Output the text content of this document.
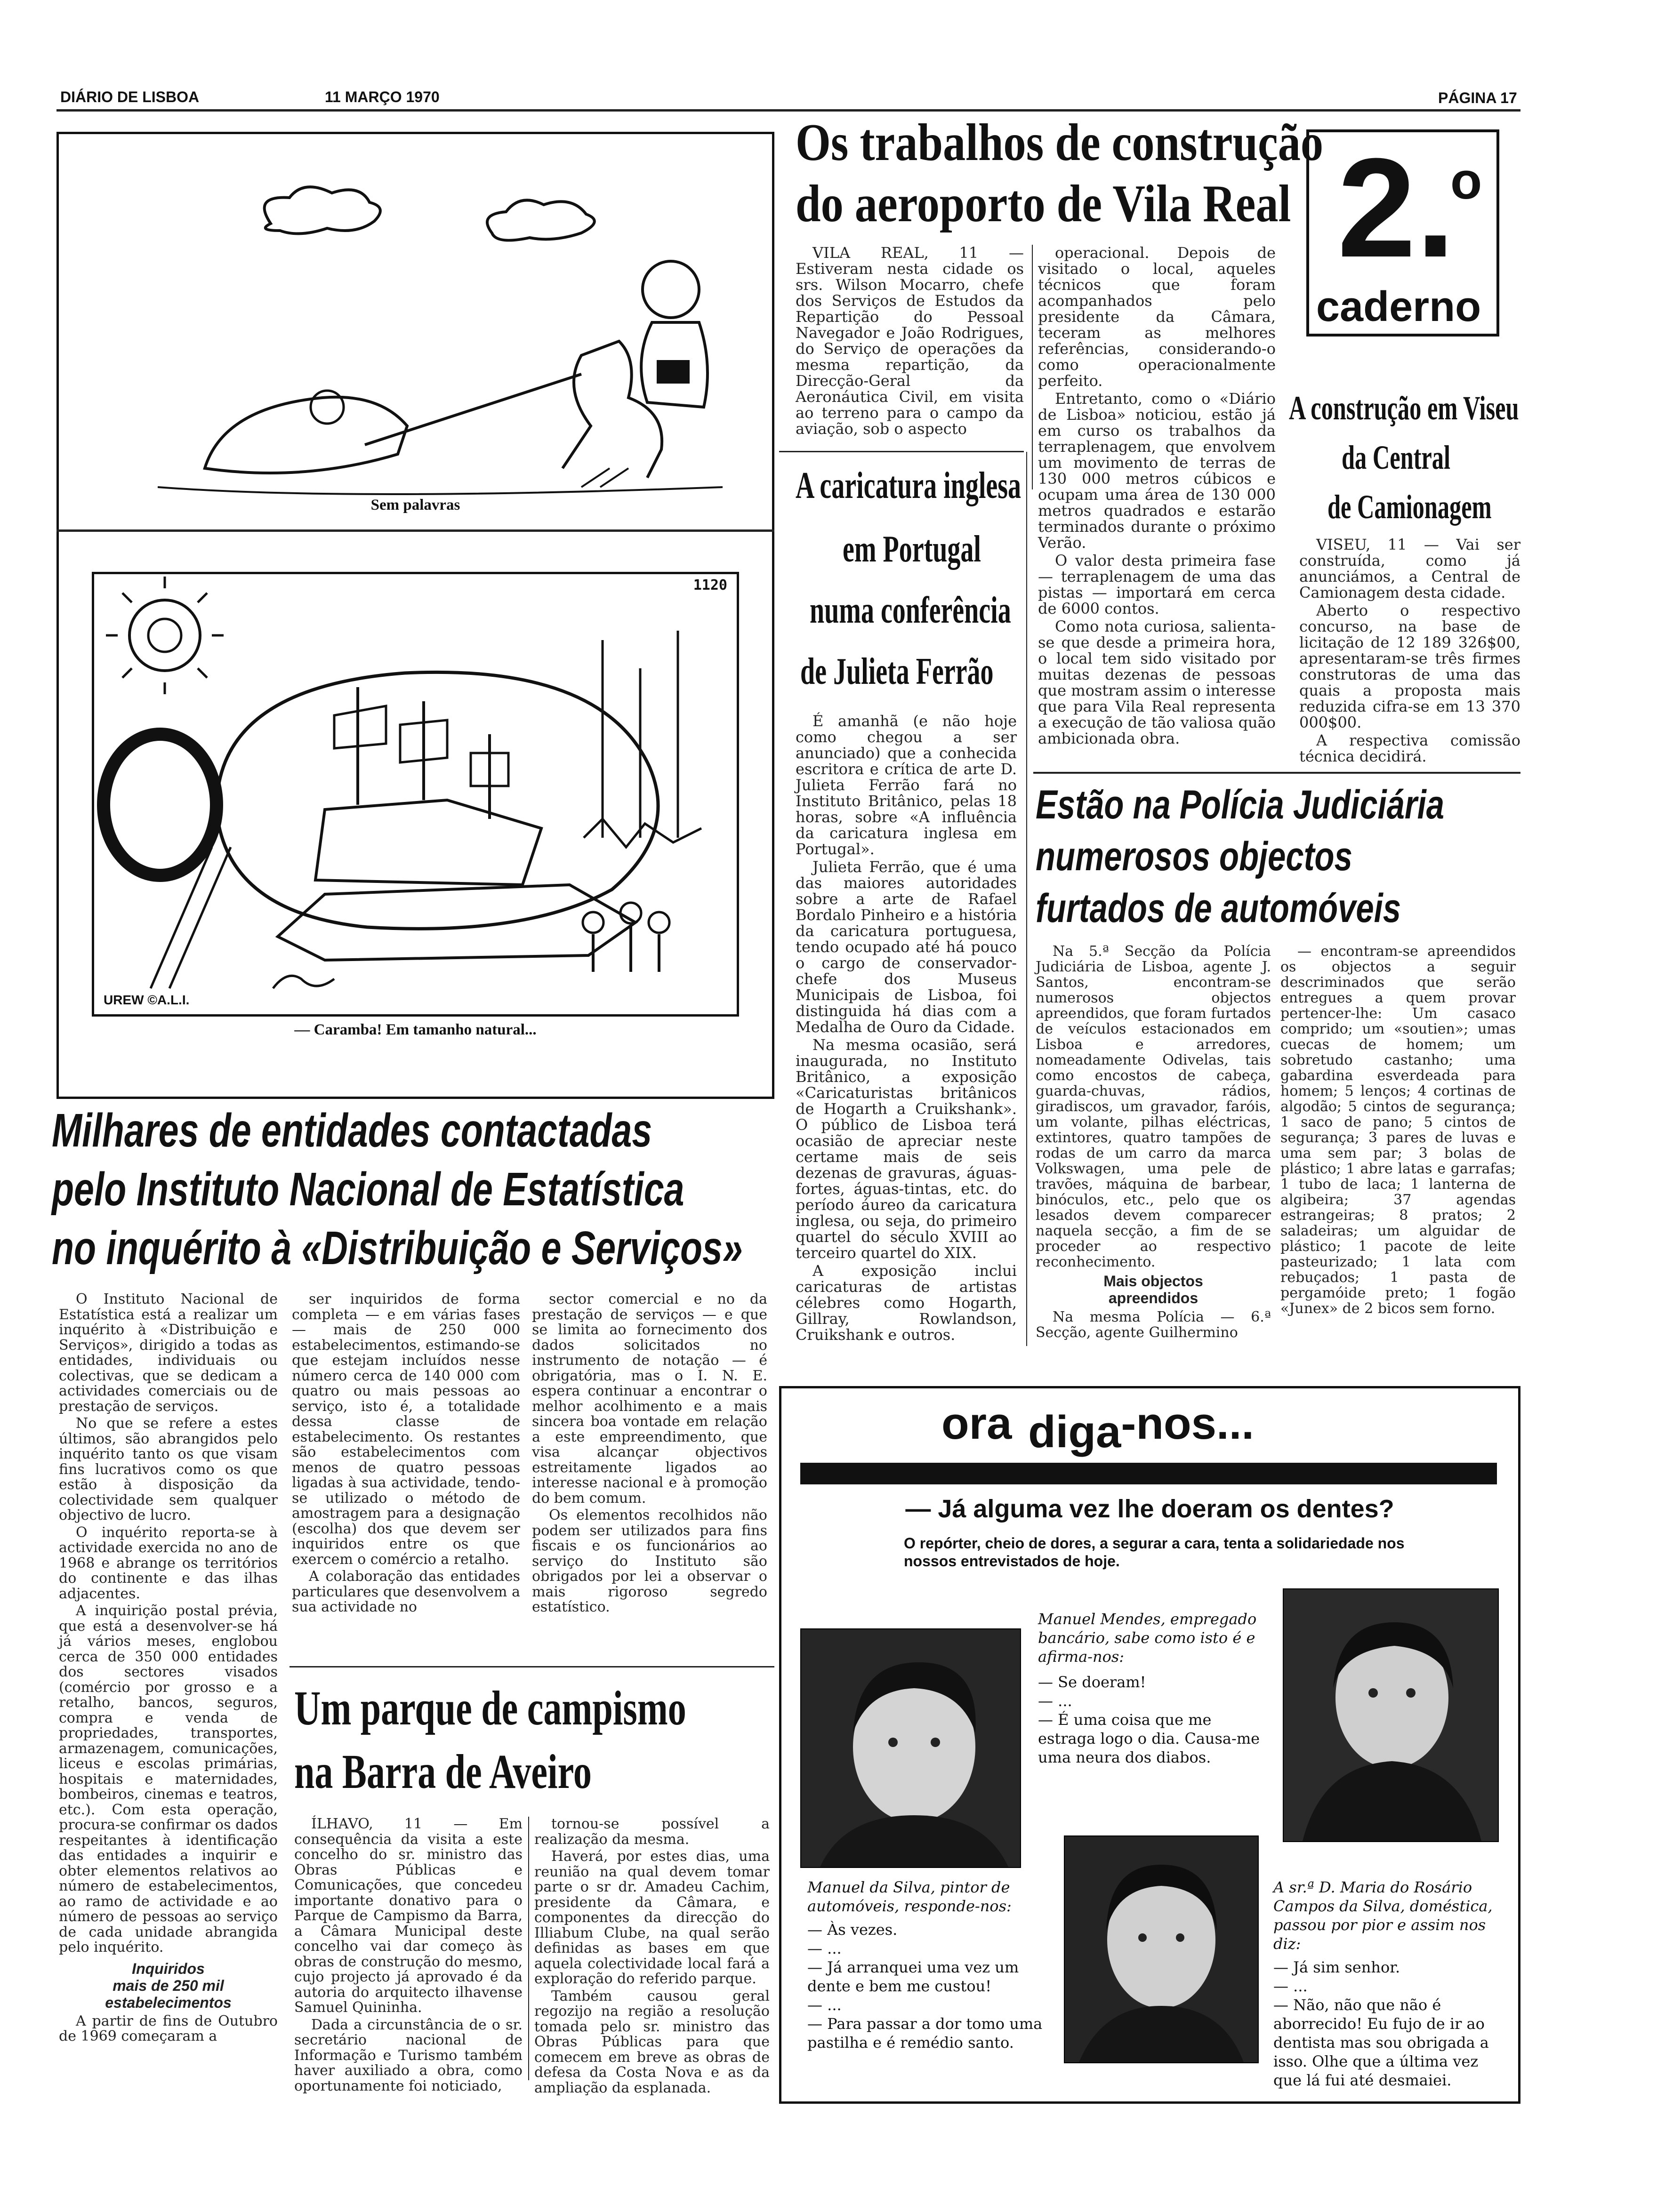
DIÁRIO DE LISBOA	11 MARÇO 1970	PÁGINA 17
Sem palavras
1120
UREW ©A.L.I.
— Caramba! Em tamanho natural...
Os trabalhos de construção
do aeroporto de Vila Real

VILA REAL, 11 — Estiveram nesta cidade os srs. Wilson Mocarro, chefe dos Serviços de Estudos da Repartição do Pessoal Navegador e João Rodrigues, do Serviço de operações da mesma repartição, da Direcção-Geral da Aeronáutica Civil, em visita ao terreno para o campo da aviação, sob o aspecto

operacional. Depois de visitado o local, aqueles técnicos que foram acompanhados pelo presidente da Câmara, teceram as melhores referências, considerando-o como operacionalmente perfeito.

Entretanto, como o «Diário de Lisboa» noticiou, estão já em curso os trabalhos da terraplenagem, que envolvem um movimento de terras de 130 000 metros cúbicos e ocupam uma área de 130 000 metros quadrados e estarão terminados durante o próximo Verão.

O valor desta primeira fase — terraplenagem de uma das pistas — importará em cerca de 6000 contos.

Como nota curiosa, salienta-se que desde a primeira hora, o local tem sido visitado por muitas dezenas de pessoas que mostram assim o interesse que para Vila Real representa a execução de tão valiosa quão ambicionada obra.

2.
o
caderno
A construção em Viseu
da Central
de Camionagem

VISEU, 11 — Vai ser construída, como já anunciámos, a Central de Camionagem desta cidade.

Aberto o respectivo concurso, na base de licitação de 12 189 326$00, apresentaram-se três firmes construtoras de uma das quais a proposta mais reduzida cifra-se em 13 370 000$00.

A respectiva comissão técnica decidirá.

A caricatura inglesa
em Portugal
numa conferência
de Julieta Ferrão

É amanhã (e não hoje como chegou a ser anunciado) que a conhecida escritora e crítica de arte D. Julieta Ferrão fará no Instituto Britânico, pelas 18 horas, sobre «A influência da caricatura inglesa em Portugal».

Julieta Ferrão, que é uma das maiores autoridades sobre a arte de Rafael Bordalo Pinheiro e a história da caricatura portuguesa, tendo ocupado até há pouco o cargo de conservador-chefe dos Museus Municipais de Lisboa, foi distinguida há dias com a Medalha de Ouro da Cidade.

Na mesma ocasião, será inaugurada, no Instituto Britânico, a exposição «Caricaturistas britânicos de Hogarth a Cruikshank». O público de Lisboa terá ocasião de apreciar neste certame mais de seis dezenas de gravuras, águas-fortes, águas-tintas, etc. do período áureo da caricatura inglesa, ou seja, do primeiro quartel do século XVIII ao terceiro quartel do XIX.

A exposição inclui caricaturas de artistas célebres como Hogarth, Gillray, Rowlandson, Cruikshank e outros.

Estão na Polícia Judiciária
numerosos objectos
furtados de automóveis

Na 5.ª Secção da Polícia Judiciária de Lisboa, agente J. Santos, encontram-se numerosos objectos apreendidos, que foram furtados de veículos estacionados em Lisboa e arredores, nomeadamente Odivelas, tais como encostos de cabeça, guarda-chuvas, rádios, giradiscos, um gravador, faróis, um volante, pilhas eléctricas, extintores, quatro tampões de rodas de um carro da marca Volkswagen, uma pele de travões, máquina de barbear, binóculos, etc., pelo que os lesados devem comparecer naquela secção, a fim de se proceder ao respectivo reconhecimento.

Mais objectos
apreendidos

Na mesma Polícia — 6.ª Secção, agente Guilhermino

— encontram-se apreendidos os objectos a seguir descriminados que serão entregues a quem provar pertencer-lhe: Um casaco comprido; um «soutien»; umas cuecas de homem; um sobretudo castanho; uma gabardina esverdeada para homem; 5 lenços; 4 cortinas de algodão; 5 cintos de segurança; 1 saco de pano; 5 cintos de segurança; 3 pares de luvas e uma sem par; 3 bolas de plástico; 1 abre latas e garrafas; 1 tubo de laca; 1 lanterna de algibeira; 37 agendas estrangeiras; 8 pratos; 2 saladeiras; um alguidar de plástico; 1 pacote de leite pasteurizado; 1 lata com rebuçados; 1 pasta de pergamóide preto; 1 fogão «Junex» de 2 bicos sem forno.

Milhares de entidades contactadas
pelo Instituto Nacional de Estatística
no inquérito à «Distribuição e Serviços»

O Instituto Nacional de Estatística está a realizar um inquérito à «Distribuição e Serviços», dirigido a todas as entidades, individuais ou colectivas, que se dedicam a actividades comerciais ou de prestação de serviços.

No que se refere a estes últimos, são abrangidos pelo inquérito tanto os que visam fins lucrativos como os que estão à disposição da colectividade sem qualquer objectivo de lucro.

O inquérito reporta-se à actividade exercida no ano de 1968 e abrange os territórios do continente e das ilhas adjacentes.

A inquirição postal prévia, que está a desenvolver-se há já vários meses, englobou cerca de 350 000 entidades dos sectores visados (comércio por grosso e a retalho, bancos, seguros, compra e venda de propriedades, transportes, armazenagem, comunicações, liceus e escolas primárias, hospitais e maternidades, bombeiros, cinemas e teatros, etc.). Com esta operação, procura-se confirmar os dados respeitantes à identificação das entidades a inquirir e obter elementos relativos ao número de estabelecimentos, ao ramo de actividade e ao número de pessoas ao serviço de cada unidade abrangida pelo inquérito.

Inquiridos
mais de 250 mil
estabelecimentos

A partir de fins de Outubro de 1969 começaram a

ser inquiridos de forma completa — e em várias fases — mais de 250 000 estabelecimentos, estimando-se que estejam incluídos nesse número cerca de 140 000 com quatro ou mais pessoas ao serviço, isto é, a totalidade dessa classe de estabelecimento. Os restantes são estabelecimentos com menos de quatro pessoas ligadas à sua actividade, tendo-se utilizado o método de amostragem para a designação (escolha) dos que devem ser inquiridos entre os que exercem o comércio a retalho.

A colaboração das entidades particulares que desenvolvem a sua actividade no

sector comercial e no da prestação de serviços — e que se limita ao fornecimento dos dados solicitados no instrumento de notação — é obrigatória, mas o I. N. E. espera continuar a encontrar o melhor acolhimento e a mais sincera boa vontade em relação a este empreendimento, que visa alcançar objectivos estreitamente ligados ao interesse nacional e à promoção do bem comum.

Os elementos recolhidos não podem ser utilizados para fins fiscais e os funcionários ao serviço do Instituto são obrigados por lei a observar o mais rigoroso segredo estatístico.

Um parque de campismo
na Barra de Aveiro

ÍLHAVO, 11 — Em consequência da visita a este concelho do sr. ministro das Obras Públicas e Comunicações, que concedeu importante donativo para o Parque de Campismo da Barra, a Câmara Municipal deste concelho vai dar começo às obras de construção do mesmo, cujo projecto já aprovado é da autoria do arquitecto ilhavense Samuel Quininha.

Dada a circunstância de o sr. secretário nacional de Informação e Turismo também haver auxiliado a obra, como oportunamente foi noticiado,

tornou-se possível a realização da mesma.

Haverá, por estes dias, uma reunião na qual devem tomar parte o sr dr. Amadeu Cachim, presidente da Câmara, e componentes da direcção do Illiabum Clube, na qual serão definidas as bases em que aquela colectividade local fará a exploração do referido parque.

Também causou geral regozijo na região a resolução tomada pelo sr. ministro das Obras Públicas para que comecem em breve as obras de defesa da Costa Nova e as da ampliação da esplanada.

ora diga-nos...
— Já alguma vez lhe doeram os dentes?
O repórter, cheio de dores, a segurar a cara, tenta a solidariedade nos nossos entrevistados de hoje.
Manuel Mendes, empregado bancário, sabe como isto é e afirma-nos:
— Se doeram!
— ...
— É uma coisa que me estraga logo o dia. Causa-me uma neura dos diabos.
Manuel da Silva, pintor de automóveis, responde-nos:
— Às vezes.
— ...
— Já arranquei uma vez um dente e bem me custou!
— ...
— Para passar a dor tomo uma pastilha e é remédio santo.
A sr.ª D. Maria do Rosário Campos da Silva, doméstica, passou por pior e assim nos diz:
— Já sim senhor.
— ...
— Não, não que não é aborrecido! Eu fujo de ir ao dentista mas sou obrigada a isso. Olhe que a última vez que lá fui até desmaiei.
